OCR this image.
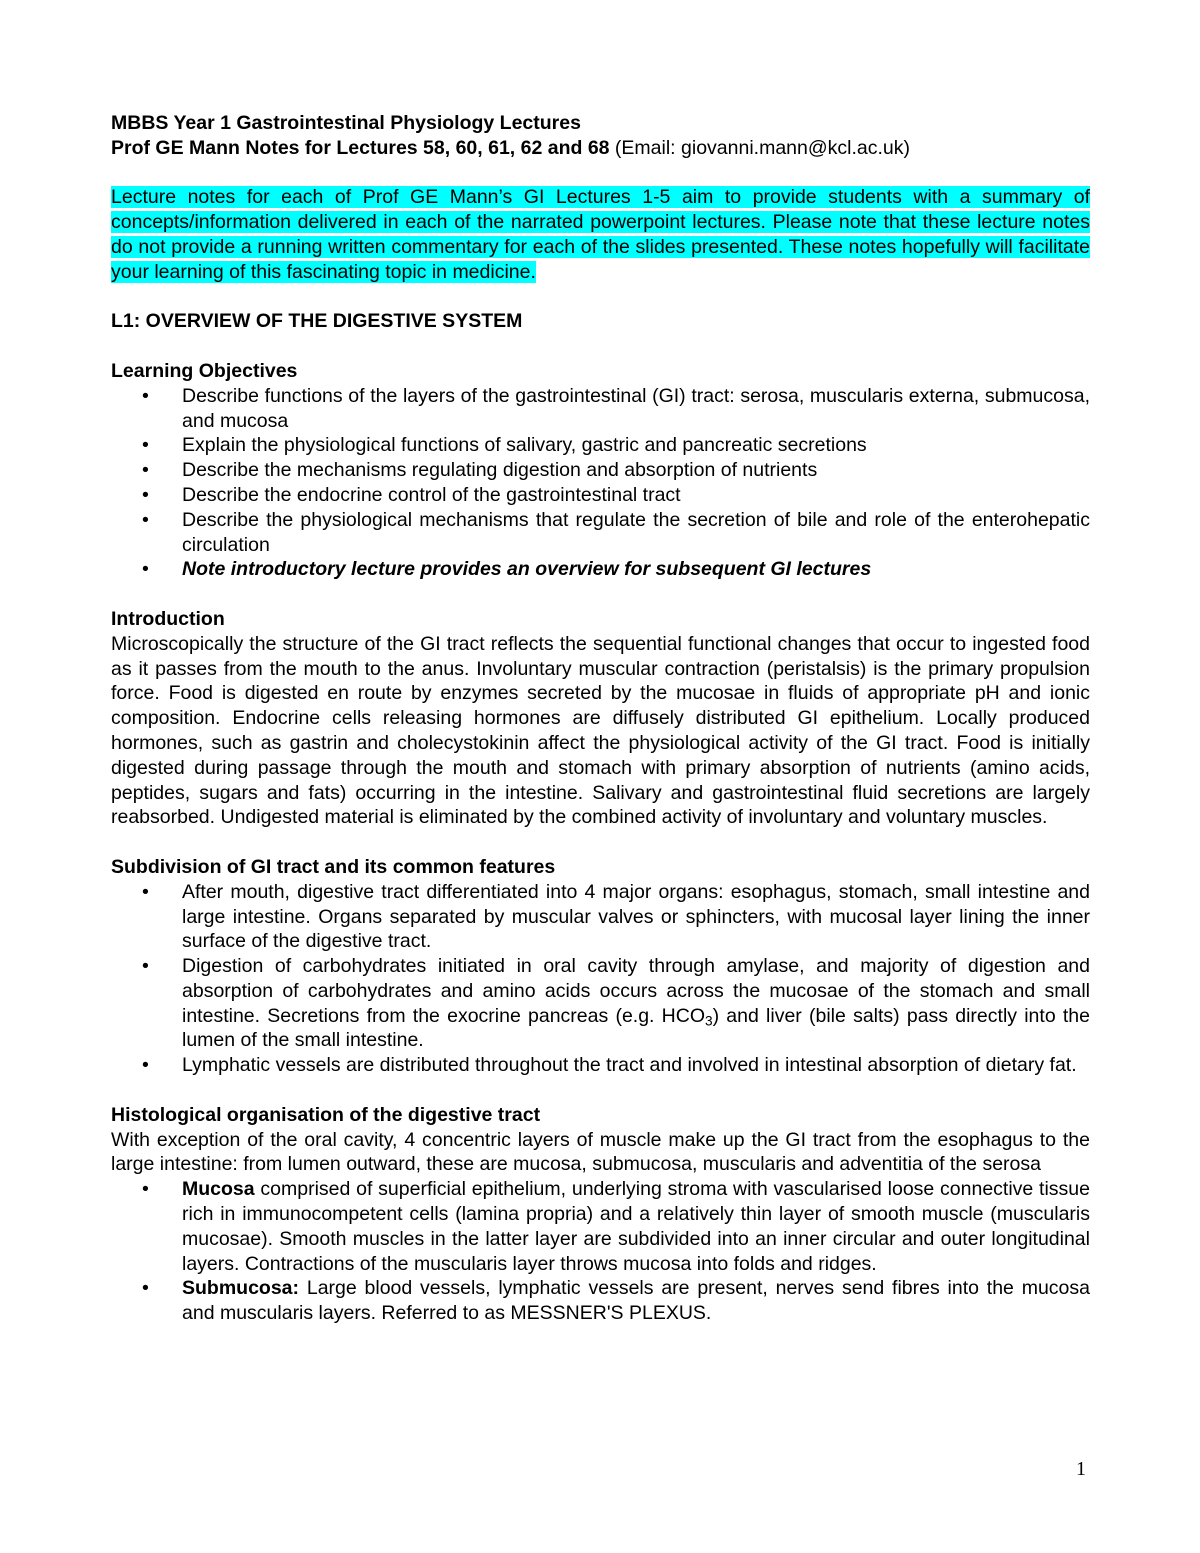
MBBS Year 1 Gastrointestinal Physiology Lectures

Prof GE Mann Notes for Lectures 58, 60, 61, 62 and 68 (Email: giovanni.mann@kcl.ac.uk)

Lecture notes for each of Prof GE Mann’s GI Lectures 1-5 aim to provide students with a summary of concepts/information delivered in each of the narrated powerpoint lectures. Please note that these lecture notes do not provide a running written commentary for each of the slides presented. These notes hopefully will facilitate your learning of this fascinating topic in medicine.

L1: OVERVIEW OF THE DIGESTIVE SYSTEM

Learning Objectives

• Describe functions of the layers of the gastrointestinal (GI) tract: serosa, muscularis externa, submucosa, and mucosa
• Explain the physiological functions of salivary, gastric and pancreatic secretions
• Describe the mechanisms regulating digestion and absorption of nutrients
• Describe the endocrine control of the gastrointestinal tract
• Describe the physiological mechanisms that regulate the secretion of bile and role of the enterohepatic circulation
• Note introductory lecture provides an overview for subsequent GI lectures

Introduction

Microscopically the structure of the GI tract reflects the sequential functional changes that occur to ingested food as it passes from the mouth to the anus. Involuntary muscular contraction (peristalsis) is the primary propulsion force. Food is digested en route by enzymes secreted by the mucosae in fluids of appropriate pH and ionic composition. Endocrine cells releasing hormones are diffusely distributed GI epithelium. Locally produced hormones, such as gastrin and cholecystokinin affect the physiological activity of the GI tract. Food is initially digested during passage through the mouth and stomach with primary absorption of nutrients (amino acids, peptides, sugars and fats) occurring in the intestine. Salivary and gastrointestinal fluid secretions are largely reabsorbed. Undigested material is eliminated by the combined activity of involuntary and voluntary muscles.

Subdivision of GI tract and its common features

• After mouth, digestive tract differentiated into 4 major organs: esophagus, stomach, small intestine and large intestine. Organs separated by muscular valves or sphincters, with mucosal layer lining the inner surface of the digestive tract.
• Digestion of carbohydrates initiated in oral cavity through amylase, and majority of digestion and absorption of carbohydrates and amino acids occurs across the mucosae of the stomach and small intestine. Secretions from the exocrine pancreas (e.g. $HCO_3$) and liver (bile salts) pass directly into the lumen of the small intestine.
• Lymphatic vessels are distributed throughout the tract and involved in intestinal absorption of dietary fat.

Histological organisation of the digestive tract

With exception of the oral cavity, 4 concentric layers of muscle make up the GI tract from the esophagus to the large intestine: from lumen outward, these are mucosa, submucosa, muscularis and adventitia of the serosa

• Mucosa comprised of superficial epithelium, underlying stroma with vascularised loose connective tissue rich in immunocompetent cells (lamina propria) and a relatively thin layer of smooth muscle (muscularis mucosae). Smooth muscles in the latter layer are subdivided into an inner circular and outer longitudinal layers. Contractions of the muscularis layer throws mucosa into folds and ridges.
• Submucosa: Large blood vessels, lymphatic vessels are present, nerves send fibres into the mucosa and muscularis layers. Referred to as MESSNER'S PLEXUS.
1
